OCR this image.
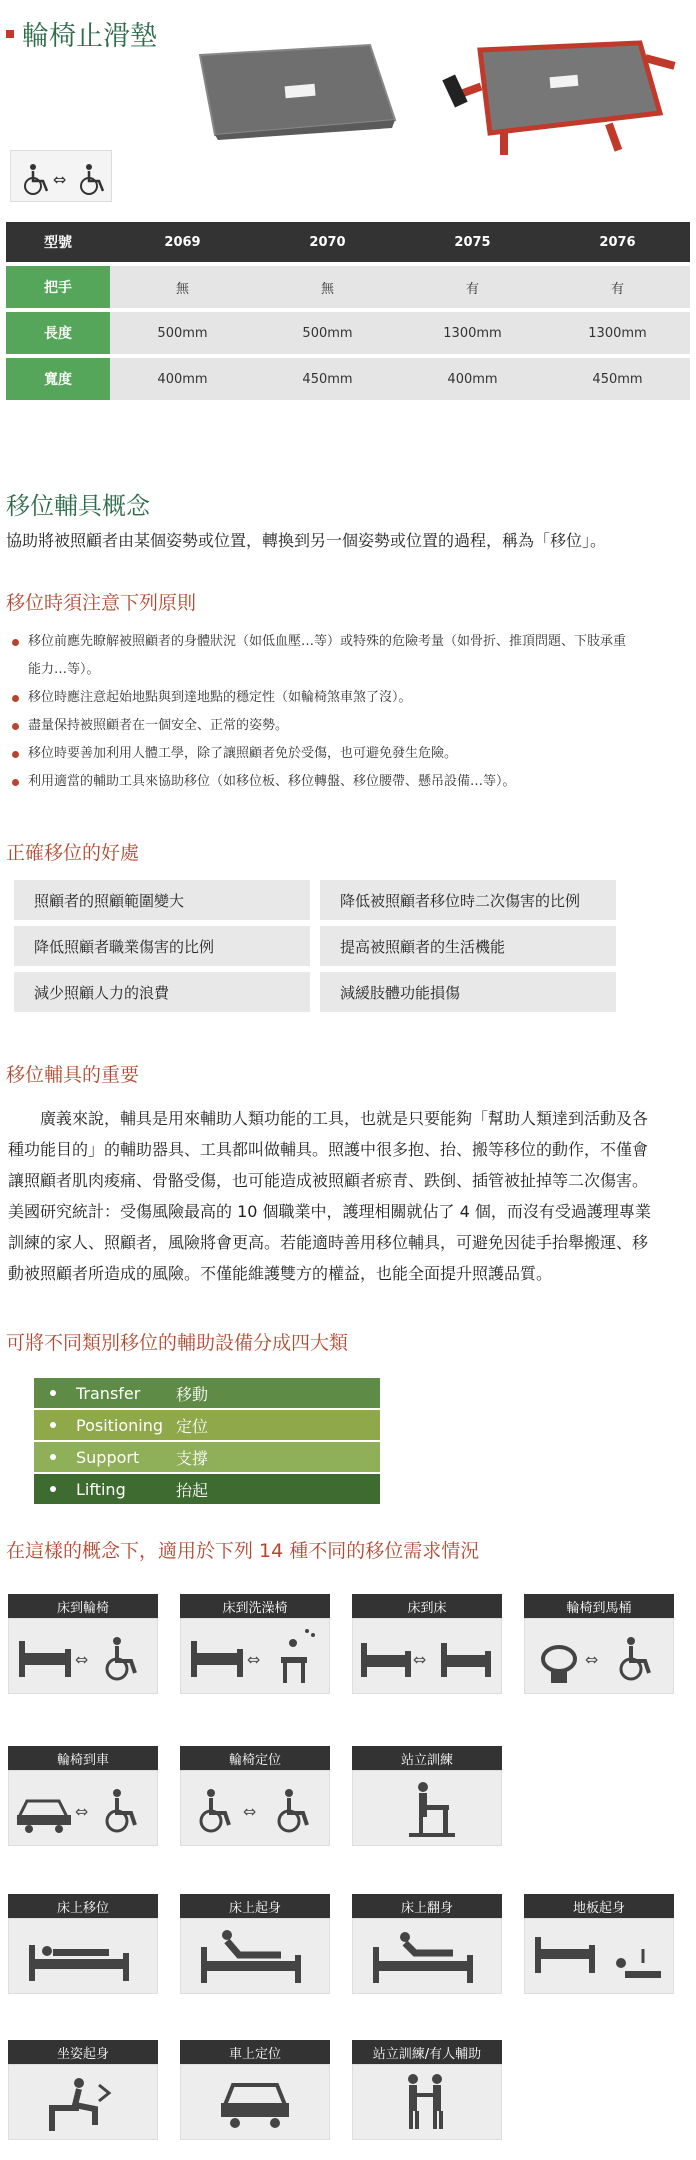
輪椅止滑墊
⇔
型號	2069	2070	2075	2076
把手	無	無	有	有
長度	500mm	500mm	1300mm	1300mm
寬度	400mm	450mm	400mm	450mm
移位輔具概念
協助將被照顧者由某個姿勢或位置，轉換到另一個姿勢或位置的過程，稱為「移位」。
移位時須注意下列原則
移位前應先瞭解被照顧者的身體狀況（如低血壓…等）或特殊的危險考量（如骨折、推頂問題、下肢承重
能力…等）。
移位時應注意起始地點與到達地點的穩定性（如輪椅煞車煞了沒）。
盡量保持被照顧者在一個安全、正常的姿勢。
移位時要善加利用人體工學，除了讓照顧者免於受傷，也可避免發生危險。
利用適當的輔助工具來協助移位（如移位板、移位轉盤、移位腰帶、懸吊設備…等）。
正確移位的好處
照顧者的照顧範圍變大	降低被照顧者移位時二次傷害的比例
降低照顧者職業傷害的比例	提高被照顧者的生活機能
減少照顧人力的浪費	減緩肢體功能損傷
移位輔具的重要
　　廣義來說，輔具是用來輔助人類功能的工具，也就是只要能夠「幫助人類達到活動及各
種功能目的」的輔助器具、工具都叫做輔具。照護中很多抱、抬、搬等移位的動作，不僅會
讓照顧者肌肉痠痛、骨骼受傷，也可能造成被照顧者瘀青、跌倒、插管被扯掉等二次傷害。
美國研究統計：受傷風險最高的 10 個職業中，護理相關就佔了 4 個，而沒有受過護理專業
訓練的家人、照顧者，風險將會更高。若能適時善用移位輔具，可避免因徒手抬舉搬運、移
動被照顧者所造成的風險。不僅能維護雙方的權益，也能全面提升照護品質。
可將不同類別移位的輔助設備分成四大類
Transfer	移動
Positioning 定位
Support	支撐
Lifting	抬起
在這樣的概念下，適用於下列 14 種不同的移位需求情況
床到輪椅
⇔
床到洗澡椅
⇔
床到床
⇔
輪椅到馬桶
⇔
輪椅到車
⇔
輪椅定位
⇔
站立訓練
床上移位	床上起身	床上翻身	地板起身
坐姿起身	車上定位	站立訓練/有人輔助
